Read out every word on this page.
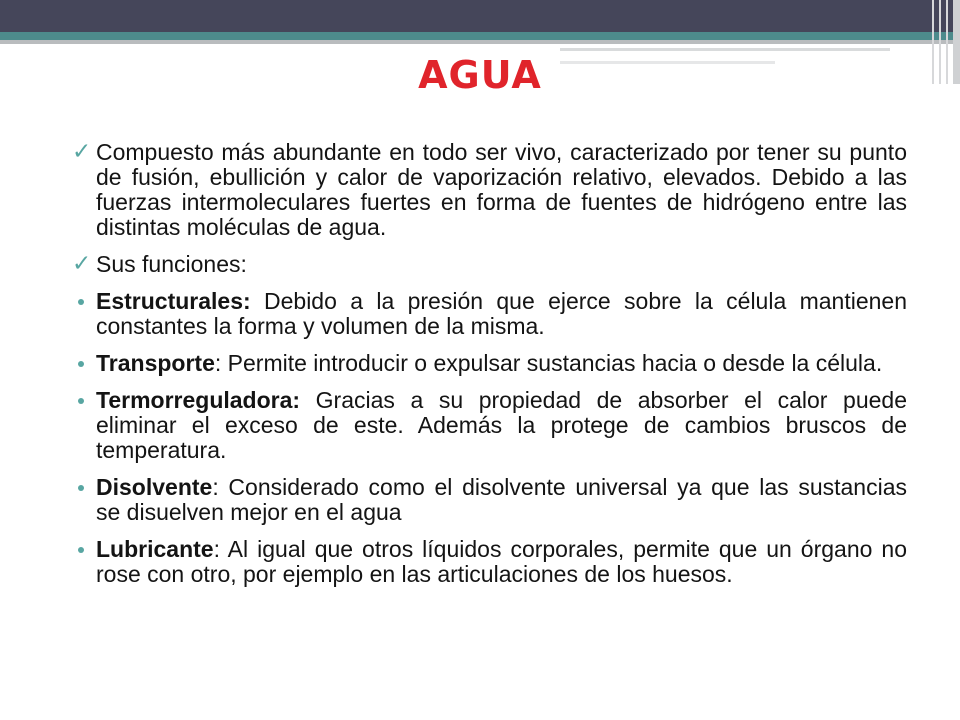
AGUA
✓ Compuesto más abundante en todo ser vivo, caracterizado por tener su punto de fusión, ebullición y calor de vaporización relativo, elevados. Debido a las fuerzas intermoleculares fuertes en forma de fuentes de hidrógeno entre las distintas moléculas de agua.
✓ Sus funciones:
Estructurales: Debido a la presión que ejerce sobre la célula mantienen constantes la forma y volumen de la misma.
Transporte: Permite introducir o expulsar sustancias hacia o desde la célula.
Termorreguladora: Gracias a su propiedad de absorber el calor puede eliminar el exceso de este. Además la protege de cambios bruscos de temperatura.
Disolvente: Considerado como el disolvente universal ya que las sustancias se disuelven mejor en el agua
Lubricante: Al igual que otros líquidos corporales, permite que un órgano no rose con otro, por ejemplo en las articulaciones de los huesos.
